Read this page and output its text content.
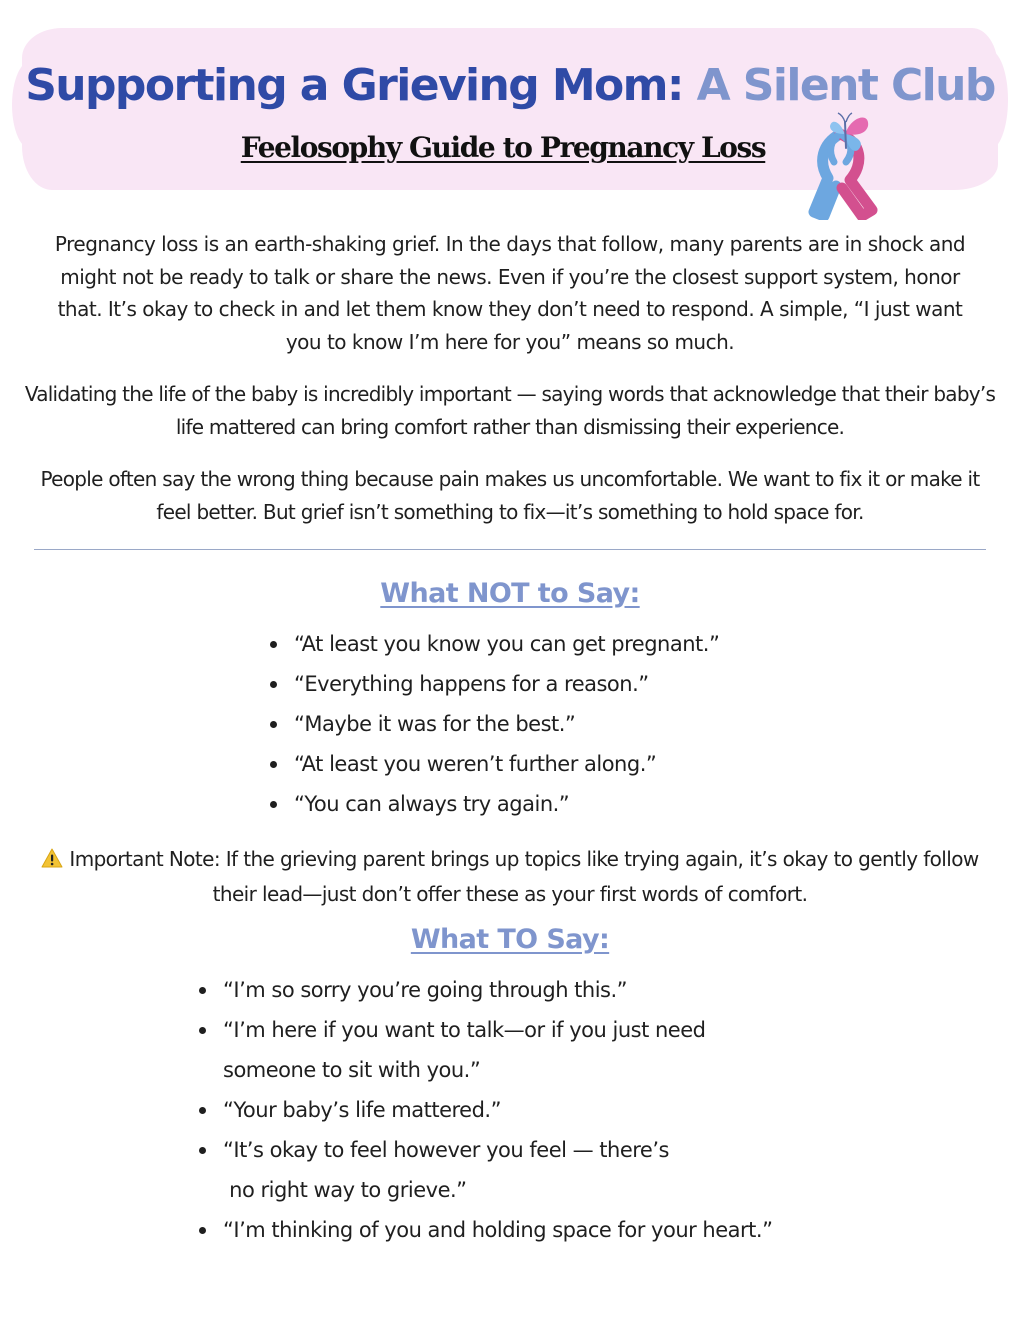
Supporting a Grieving Mom: A Silent Club
Feelosophy Guide to Pregnancy Loss

Pregnancy loss is an earth-shaking grief. In the days that follow, many parents are in shock and might not be ready to talk or share the news. Even if you’re the closest support system, honor that. It’s okay to check in and let them know they don’t need to respond. A simple, “I just want you to know I’m here for you” means so much.

Validating the life of the baby is incredibly important — saying words that acknowledge that their baby’s life mattered can bring comfort rather than dismissing their experience.

People often say the wrong thing because pain makes us uncomfortable. We want to fix it or make it feel better. But grief isn’t something to fix—it’s something to hold space for.

What NOT to Say:
“At least you know you can get pregnant.”
“Everything happens for a reason.”
“Maybe it was for the best.”
“At least you weren’t further along.”
“You can always try again.”

Important Note: If the grieving parent brings up topics like trying again, it’s okay to gently follow their lead—just don’t offer these as your first words of comfort.

What TO Say:
“I’m so sorry you’re going through this.”
“I’m here if you want to talk—or if you just need
someone to sit with you.”
“Your baby’s life mattered.”
“It’s okay to feel however you feel — there’s
no right way to grieve.”
“I’m thinking of you and holding space for your heart.”
